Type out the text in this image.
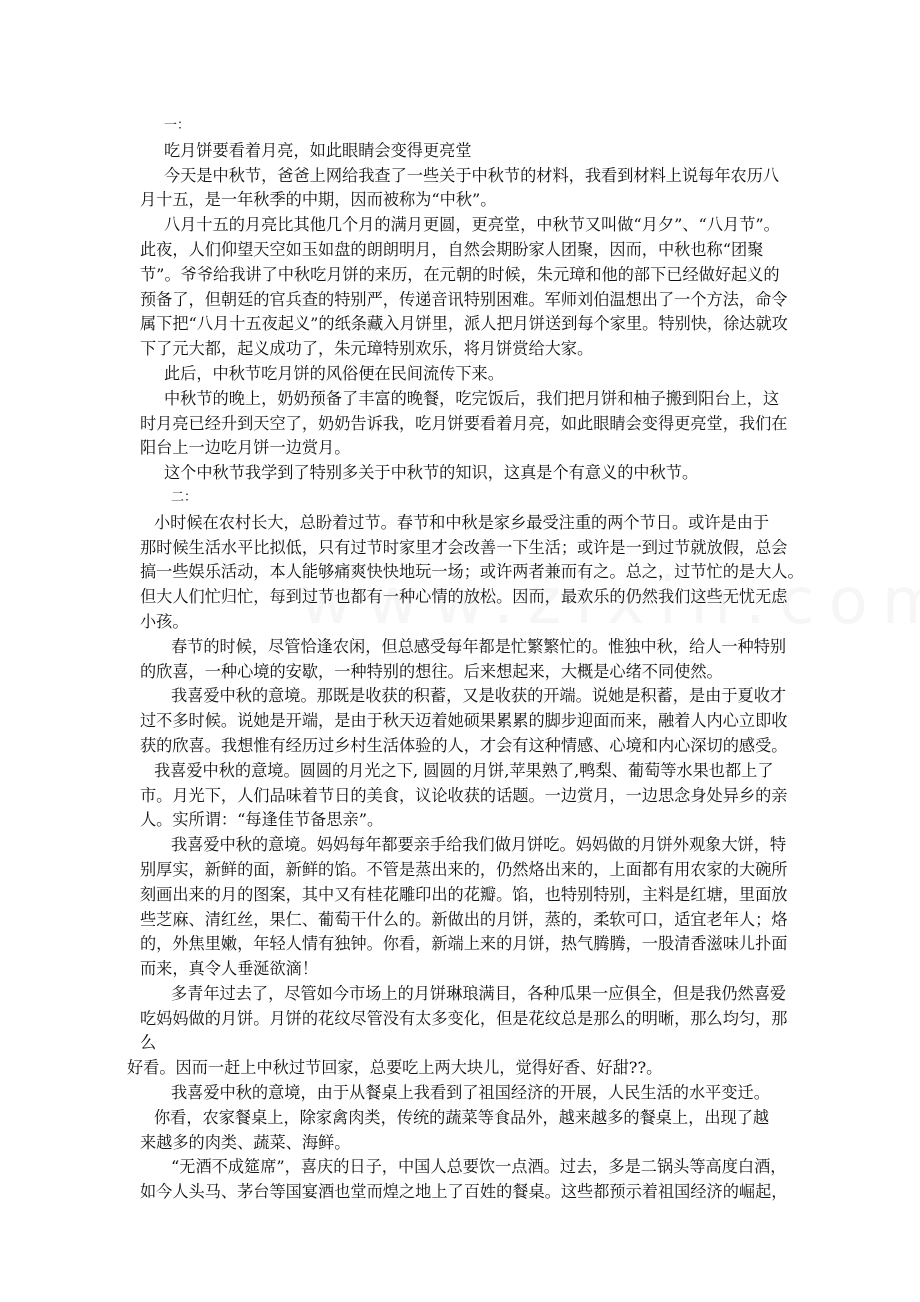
一：
吃月饼要看着月亮，如此眼睛会变得更亮堂
今天是中秋节，爸爸上网给我查了一些关于中秋节的材料，我看到材料上说每年农历八
月十五，是一年秋季的中期，因而被称为“中秋”。
八月十五的月亮比其他几个月的满月更圆，更亮堂，中秋节又叫做“月夕”、“八月节”。
此夜，人们仰望天空如玉如盘的朗朗明月，自然会期盼家人团聚，因而，中秋也称“团聚
节”。爷爷给我讲了中秋吃月饼的来历，在元朝的时候，朱元璋和他的部下已经做好起义的
预备了，但朝廷的官兵查的特别严，传递音讯特别困难。军师刘伯温想出了一个方法，命令
属下把“八月十五夜起义”的纸条藏入月饼里，派人把月饼送到每个家里。特别快，徐达就攻
下了元大都，起义成功了，朱元璋特别欢乐，将月饼赏给大家。
此后，中秋节吃月饼的风俗便在民间流传下来。
中秋节的晚上，奶奶预备了丰富的晚餐，吃完饭后，我们把月饼和柚子搬到阳台上，这
时月亮已经升到天空了，奶奶告诉我，吃月饼要看着月亮，如此眼睛会变得更亮堂，我们在
阳台上一边吃月饼一边赏月。
这个中秋节我学到了特别多关于中秋节的知识，这真是个有意义的中秋节。
二：
小时候在农村长大，总盼着过节。春节和中秋是家乡最受注重的两个节日。或许是由于
那时候生活水平比拟低，只有过节时家里才会改善一下生活；或许是一到过节就放假，总会
搞一些娱乐活动，本人能够痛爽快快地玩一场；或许两者兼而有之。总之，过节忙的是大人。
但大人们忙归忙，每到过节也都有一种心情的放松。因而，最欢乐的仍然我们这些无忧无虑
小孩。
春节的时候，尽管恰逢农闲，但总感受每年都是忙繁繁忙的。惟独中秋，给人一种特别
的欣喜，一种心境的安歇，一种特别的想往。后来想起来，大概是心绪不同使然。
我喜爱中秋的意境。那既是收获的积蓄，又是收获的开端。说她是积蓄，是由于夏收才
过不多时候。说她是开端，是由于秋天迈着她硕果累累的脚步迎面而来，融着人内心立即收
获的欣喜。我想惟有经历过乡村生活体验的人，才会有这种情感、心境和内心深切的感受。
我喜爱中秋的意境。圆圆的月光之下, 圆圆的月饼,苹果熟了,鸭梨、葡萄等水果也都上了
市。月光下，人们品味着节日的美食，议论收获的话题。一边赏月，一边思念身处异乡的亲
人。实所谓：“每逢佳节备思亲”。
我喜爱中秋的意境。妈妈每年都要亲手给我们做月饼吃。妈妈做的月饼外观象大饼，特
别厚实，新鲜的面，新鲜的馅。不管是蒸出来的，仍然烙出来的，上面都有用农家的大碗所
刻画出来的月的图案，其中又有桂花雕印出的花瓣。馅，也特别特别，主料是红塘，里面放
些芝麻、清红丝，果仁、葡萄干什么的。新做出的月饼，蒸的，柔软可口，适宜老年人；烙
的，外焦里嫩，年轻人情有独钟。你看，新端上来的月饼，热气腾腾，一股清香滋味儿扑面
而来，真令人垂涎欲滴！
多青年过去了，尽管如今市场上的月饼琳琅满目，各种瓜果一应俱全，但是我仍然喜爱
吃妈妈做的月饼。月饼的花纹尽管没有太多变化，但是花纹总是那么的明晰，那么均匀，那
么
好看。因而一赶上中秋过节回家，总要吃上两大块儿，觉得好香、好甜??。
我喜爱中秋的意境，由于从餐桌上我看到了祖国经济的开展，人民生活的水平变迁。
你看，农家餐桌上，除家禽肉类，传统的蔬菜等食品外，越来越多的餐桌上，出现了越
来越多的肉类、蔬菜、海鲜。
“无酒不成筵席”，喜庆的日子，中国人总要饮一点酒。过去，多是二锅头等高度白酒，
如今人头马、茅台等国宴酒也堂而煌之地上了百姓的餐桌。这些都预示着祖国经济的崛起，
